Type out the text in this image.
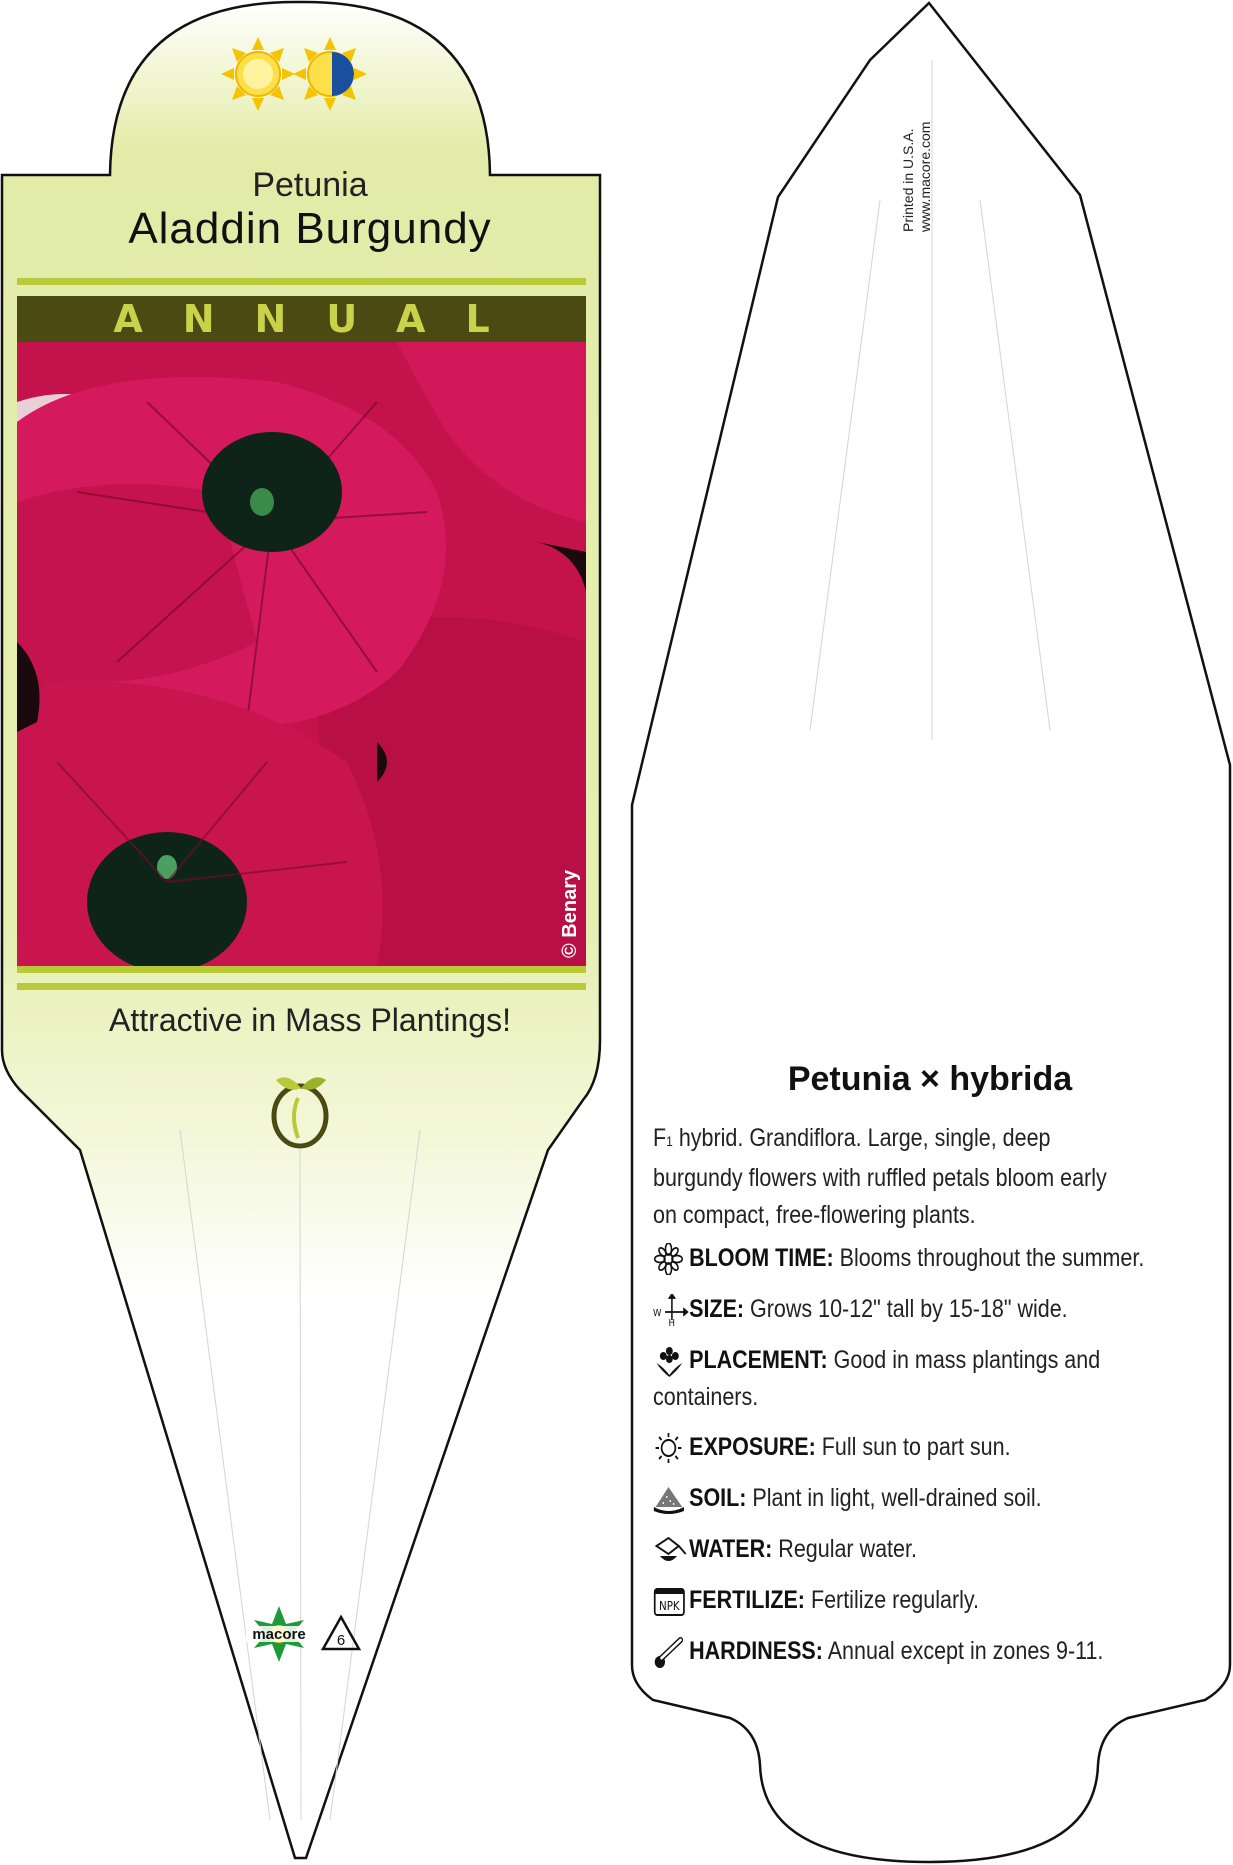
Petunia
Aladdin Burgundy
ANNUAL
© Benary
Attractive in Mass Plantings!
macore 6
Printed in U.S.A. www.macore.com
Petunia × hybrida
F1 hybrid. Grandiflora. Large, single, deep burgundy flowers with ruffled petals bloom early on compact, free-flowering plants.
BLOOM TIME: Blooms throughout the summer.
W
H
SIZE: Grows 10-12" tall by 15-18" wide.
PLACEMENT: Good in mass plantings and containers.
EXPOSURE: Full sun to part sun.
SOIL: Plant in light, well-drained soil.
WATER: Regular water.
NPK FERTILIZE: Fertilize regularly.
HARDINESS: Annual except in zones 9-11.
